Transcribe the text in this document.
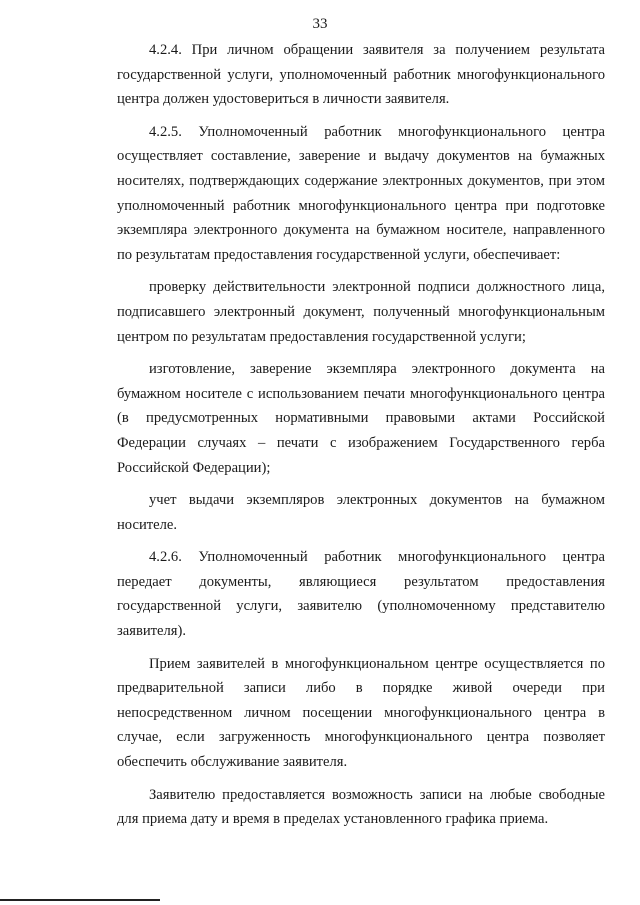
33

4.2.4. При личном обращении заявителя за получением результата государственной услуги, уполномоченный работник многофункционального центра должен удостовериться в личности заявителя.

4.2.5. Уполномоченный работник многофункционального центра осуществляет составление, заверение и выдачу документов на бумажных носителях, подтверждающих содержание электронных документов, при этом уполномоченный работник многофункционального центра при подготовке экземпляра электронного документа на бумажном носителе, направленного по результатам предоставления государственной услуги, обеспечивает:

проверку действительности электронной подписи должностного лица, подписавшего электронный документ, полученный многофункциональным центром по результатам предоставления государственной услуги;

изготовление, заверение экземпляра электронного документа на бумажном носителе с использованием печати многофункционального центра (в предусмотренных нормативными правовыми актами Российской Федерации случаях – печати с изображением Государственного герба Российской Федерации);

учет выдачи экземпляров электронных документов на бумажном носителе.

4.2.6. Уполномоченный работник многофункционального центра передает документы, являющиеся результатом предоставления государственной услуги, заявителю (уполномоченному представителю заявителя).

Прием заявителей в многофункциональном центре осуществляется по предварительной записи либо в порядке живой очереди при непосредственном личном посещении многофункционального центра в случае, если загруженность многофункционального центра позволяет обеспечить обслуживание заявителя.

Заявителю предоставляется возможность записи на любые свободные для приема дату и время в пределах установленного графика приема.
